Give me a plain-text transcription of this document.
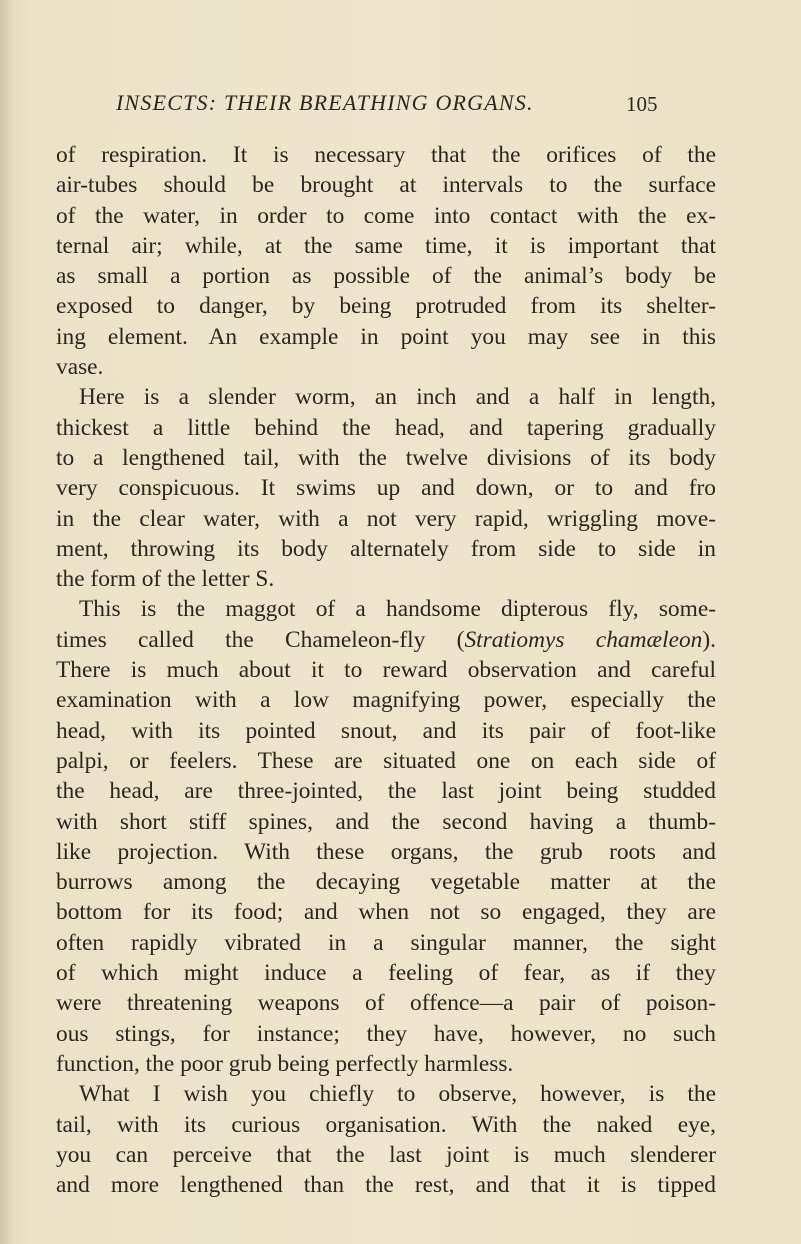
INSECTS: THEIR BREATHING ORGANS.	105
of respiration. It is necessary that the orifices of the
air-tubes should be brought at intervals to the surface
of the water, in order to come into contact with the ex-
ternal air; while, at the same time, it is important that
as small a portion as possible of the animal’s body be
exposed to danger, by being protruded from its shelter-
ing element. An example in point you may see in this
vase.
Here is a slender worm, an inch and a half in length,
thickest a little behind the head, and tapering gradually
to a lengthened tail, with the twelve divisions of its body
very conspicuous. It swims up and down, or to and fro
in the clear water, with a not very rapid, wriggling move-
ment, throwing its body alternately from side to side in
the form of the letter S.
This is the maggot of a handsome dipterous fly, some-
times called the Chameleon-fly (Stratiomys chamæleon).
There is much about it to reward observation and careful
examination with a low magnifying power, especially the
head, with its pointed snout, and its pair of foot-like
palpi, or feelers. These are situated one on each side of
the head, are three-jointed, the last joint being studded
with short stiff spines, and the second having a thumb-
like projection. With these organs, the grub roots and
burrows among the decaying vegetable matter at the
bottom for its food; and when not so engaged, they are
often rapidly vibrated in a singular manner, the sight
of which might induce a feeling of fear, as if they
were threatening weapons of offence—a pair of poison-
ous stings, for instance; they have, however, no such
function, the poor grub being perfectly harmless.
What I wish you chiefly to observe, however, is the
tail, with its curious organisation. With the naked eye,
you can perceive that the last joint is much slenderer
and more lengthened than the rest, and that it is tipped
